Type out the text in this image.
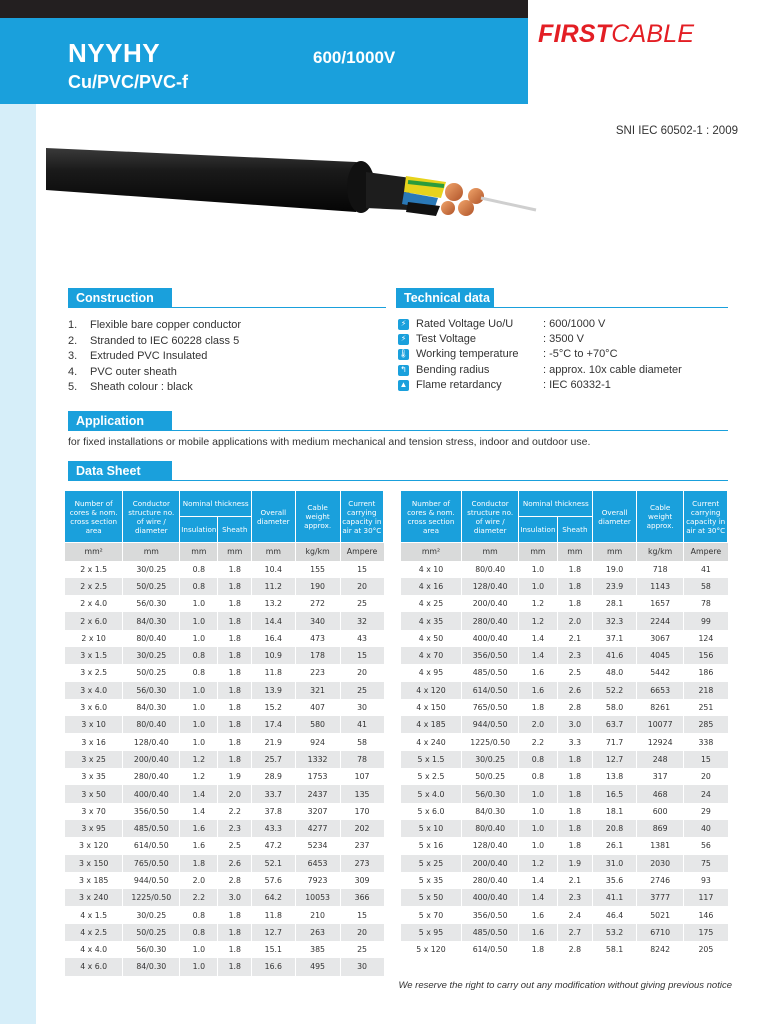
NYYHY
Cu/PVC/PVC-f
600/1000V
FIRSTCABLE
SNI IEC 60502-1 : 2009
Construction
1. Flexible bare copper conductor
2. Stranded to IEC 60228 class 5
3. Extruded PVC Insulated
4. PVC outer sheath
5. Sheath colour : black
Technical data
⚡ Rated Voltage Uo/U	: 600/1000 V
⚡ Test Voltage	: 3500 V
🌡 Working temperature	: -5°C to +70°C
↰ Bending radius	: approx. 10x cable diameter
▲ Flame retardancy	: IEC 60332-1
Application
for fixed installations or mobile applications with medium mechanical and tension stress, indoor and outdoor use.
Data Sheet
Number of cores & nom. cross section area	Conductor structure no. of wire / diameter	Nominal thickness		Overall diameter	Cable weight approx.	Current carrying capacity in air at 30°C
		Insulation	Sheath			
mm²	mm	mm	mm	mm	kg/km	Ampere
2 x 1.5	30/0.25	0.8	1.8	10.4	155	15
2 x 2.5	50/0.25	0.8	1.8	11.2	190	20
2 x 4.0	56/0.30	1.0	1.8	13.2	272	25
2 x 6.0	84/0.30	1.0	1.8	14.4	340	32
2 x 10	80/0.40	1.0	1.8	16.4	473	43
3 x 1.5	30/0.25	0.8	1.8	10.9	178	15
3 x 2.5	50/0.25	0.8	1.8	11.8	223	20
3 x 4.0	56/0.30	1.0	1.8	13.9	321	25
3 x 6.0	84/0.30	1.0	1.8	15.2	407	30
3 x 10	80/0.40	1.0	1.8	17.4	580	41
3 x 16	128/0.40	1.0	1.8	21.9	924	58
3 x 25	200/0.40	1.2	1.8	25.7	1332	78
3 x 35	280/0.40	1.2	1.9	28.9	1753	107
3 x 50	400/0.40	1.4	2.0	33.7	2437	135
3 x 70	356/0.50	1.4	2.2	37.8	3207	170
3 x 95	485/0.50	1.6	2.3	43.3	4277	202
3 x 120	614/0.50	1.6	2.5	47.2	5234	237
3 x 150	765/0.50	1.8	2.6	52.1	6453	273
3 x 185	944/0.50	2.0	2.8	57.6	7923	309
3 x 240	1225/0.50	2.2	3.0	64.2	10053	366
4 x 1.5	30/0.25	0.8	1.8	11.8	210	15
4 x 2.5	50/0.25	0.8	1.8	12.7	263	20
4 x 4.0	56/0.30	1.0	1.8	15.1	385	25
4 x 6.0	84/0.30	1.0	1.8	16.6	495	30
Number of cores & nom. cross section area	Conductor structure no. of wire / diameter	Nominal thickness		Overall diameter	Cable weight approx.	Current carrying capacity in air at 30°C
		Insulation	Sheath			
mm²	mm	mm	mm	mm	kg/km	Ampere
4 x 10	80/0.40	1.0	1.8	19.0	718	41
4 x 16	128/0.40	1.0	1.8	23.9	1143	58
4 x 25	200/0.40	1.2	1.8	28.1	1657	78
4 x 35	280/0.40	1.2	2.0	32.3	2244	99
4 x 50	400/0.40	1.4	2.1	37.1	3067	124
4 x 70	356/0.50	1.4	2.3	41.6	4045	156
4 x 95	485/0.50	1.6	2.5	48.0	5442	186
4 x 120	614/0.50	1.6	2.6	52.2	6653	218
4 x 150	765/0.50	1.8	2.8	58.0	8261	251
4 x 185	944/0.50	2.0	3.0	63.7	10077	285
4 x 240	1225/0.50	2.2	3.3	71.7	12924	338
5 x 1.5	30/0.25	0.8	1.8	12.7	248	15
5 x 2.5	50/0.25	0.8	1.8	13.8	317	20
5 x 4.0	56/0.30	1.0	1.8	16.5	468	24
5 x 6.0	84/0.30	1.0	1.8	18.1	600	29
5 x 10	80/0.40	1.0	1.8	20.8	869	40
5 x 16	128/0.40	1.0	1.8	26.1	1381	56
5 x 25	200/0.40	1.2	1.9	31.0	2030	75
5 x 35	280/0.40	1.4	2.1	35.6	2746	93
5 x 50	400/0.40	1.4	2.3	41.1	3777	117
5 x 70	356/0.50	1.6	2.4	46.4	5021	146
5 x 95	485/0.50	1.6	2.7	53.2	6710	175
5 x 120	614/0.50	1.8	2.8	58.1	8242	205
We reserve the right to carry out any modification without giving previous notice
